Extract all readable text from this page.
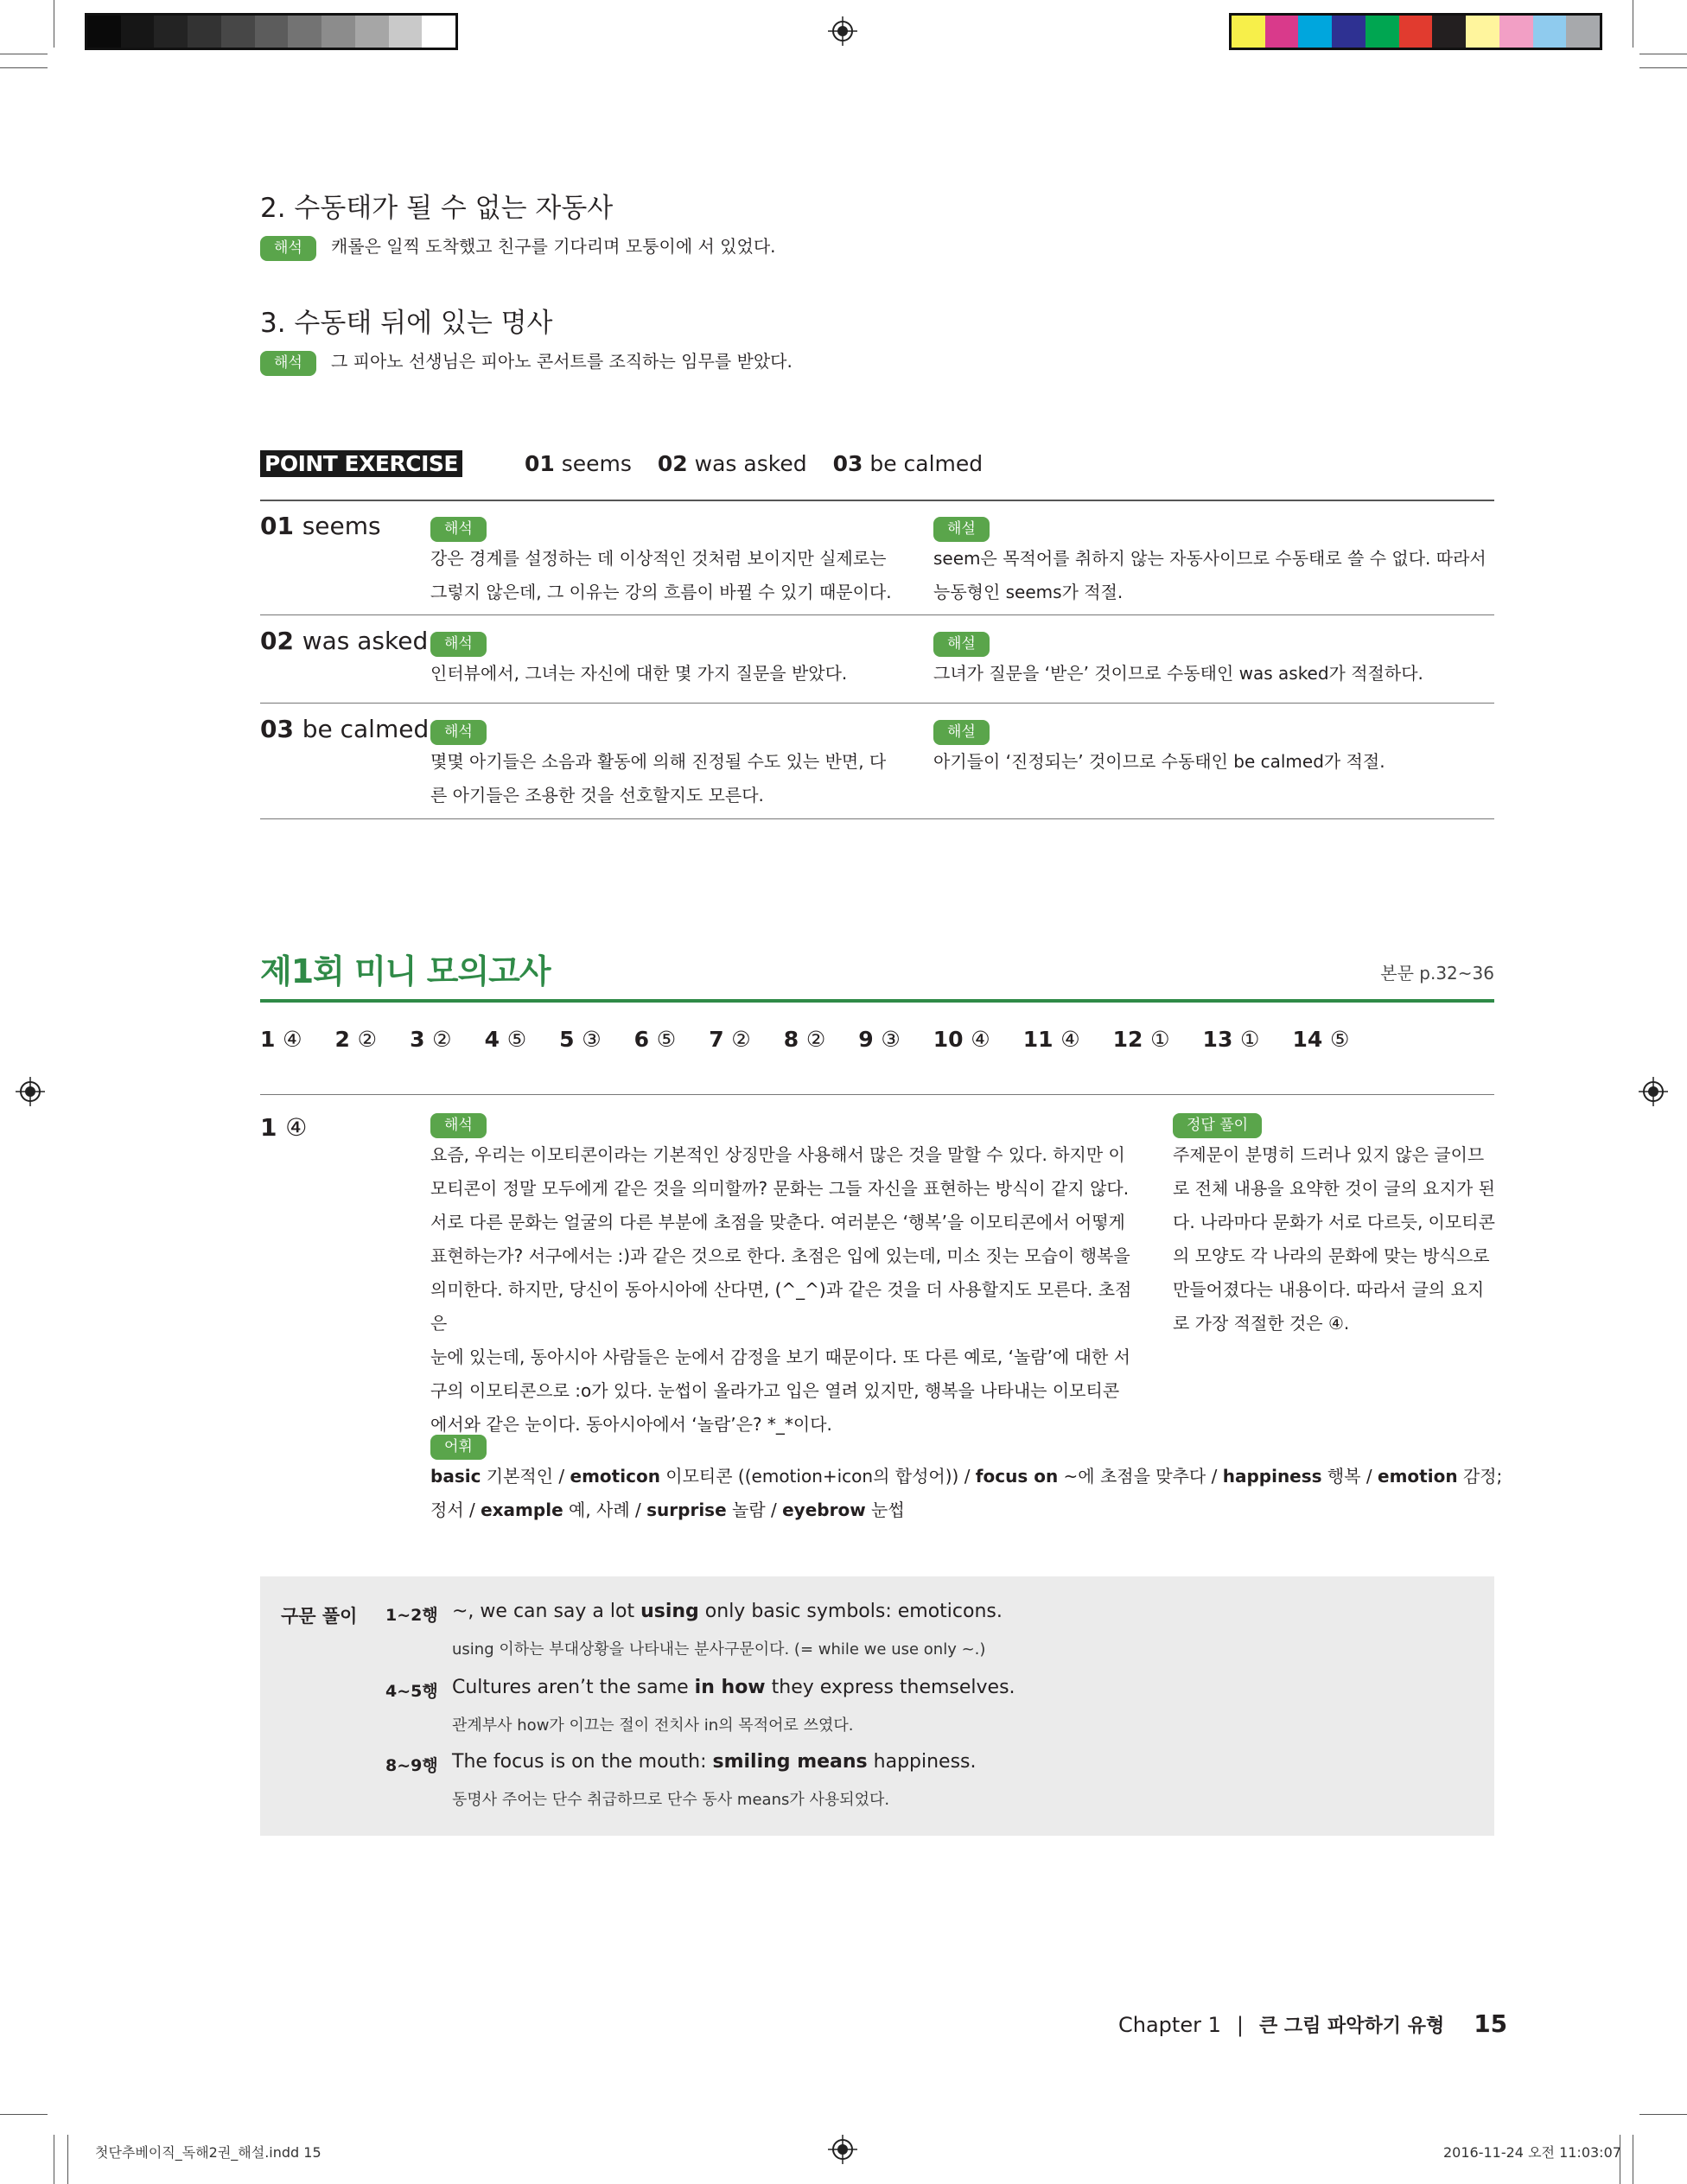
2. 수동태가 될 수 없는 자동사
해석 캐롤은 일찍 도착했고 친구를 기다리며 모퉁이에 서 있었다.
3. 수동태 뒤에 있는 명사
해석 그 피아노 선생님은 피아노 콘서트를 조직하는 임무를 받았다.
POINT EXERCISE	01 seems 02 was asked 03 be calmed
01 seems	해석
강은 경계를 설정하는 데 이상적인 것처럼 보이지만 실제로는
그렇지 않은데, 그 이유는 강의 흐름이 바뀔 수 있기 때문이다.
해설
seem은 목적어를 취하지 않는 자동사이므로 수동태로 쓸 수 없다. 따라서
능동형인 seems가 적절.
02 was asked	해석
인터뷰에서, 그녀는 자신에 대한 몇 가지 질문을 받았다.
해설
그녀가 질문을 ‘받은’ 것이므로 수동태인 was asked가 적절하다.
03 be calmed	해석
몇몇 아기들은 소음과 활동에 의해 진정될 수도 있는 반면, 다
른 아기들은 조용한 것을 선호할지도 모른다.
해설
아기들이 ‘진정되는’ 것이므로 수동태인 be calmed가 적절.
제1회 미니 모의고사	본문 p.32~36
1 ④ 2 ② 3 ② 4 ⑤ 5 ③ 6 ⑤ 7 ② 8 ② 9 ③ 10 ④ 11 ④ 12 ① 13 ① 14 ⑤
1 ④	해석
요즘, 우리는 이모티콘이라는 기본적인 상징만을 사용해서 많은 것을 말할 수 있다. 하지만 이
모티콘이 정말 모두에게 같은 것을 의미할까? 문화는 그들 자신을 표현하는 방식이 같지 않다.
서로 다른 문화는 얼굴의 다른 부분에 초점을 맞춘다. 여러분은 ‘행복’을 이모티콘에서 어떻게
표현하는가? 서구에서는 :)과 같은 것으로 한다. 초점은 입에 있는데, 미소 짓는 모습이 행복을
의미한다. 하지만, 당신이 동아시아에 산다면, (^_^)과 같은 것을 더 사용할지도 모른다. 초점은
눈에 있는데, 동아시아 사람들은 눈에서 감정을 보기 때문이다. 또 다른 예로, ‘놀람’에 대한 서
구의 이모티콘으로 :o가 있다. 눈썹이 올라가고 입은 열려 있지만, 행복을 나타내는 이모티콘
에서와 같은 눈이다. 동아시아에서 ‘놀람’은? *_*이다.
정답 풀이
주제문이 분명히 드러나 있지 않은 글이므
로 전체 내용을 요약한 것이 글의 요지가 된
다. 나라마다 문화가 서로 다르듯, 이모티콘
의 모양도 각 나라의 문화에 맞는 방식으로
만들어졌다는 내용이다. 따라서 글의 요지
로 가장 적절한 것은 ④.
어휘
basic 기본적인 / emoticon 이모티콘 ((emotion+icon의 합성어)) / focus on ~에 초점을 맞추다 / happiness 행복 / emotion 감정;
정서 / example 예, 사례 / surprise 놀람 / eyebrow 눈썹
구문 풀이 1~2행 ~, we can say a lot using only basic symbols: emoticons.
using 이하는 부대상황을 나타내는 분사구문이다. (= while we use only ~.)
4~5행 Cultures aren’t the same in how they express themselves.
관계부사 how가 이끄는 절이 전치사 in의 목적어로 쓰였다.
8~9행 The focus is on the mouth: smiling means happiness.
동명사 주어는 단수 취급하므로 단수 동사 means가 사용되었다.
Chapter 1 | 큰 그림 파악하기 유형 15
첫단추베이직_독해2권_해설.indd 15	2016-11-24 오전 11:03:07
